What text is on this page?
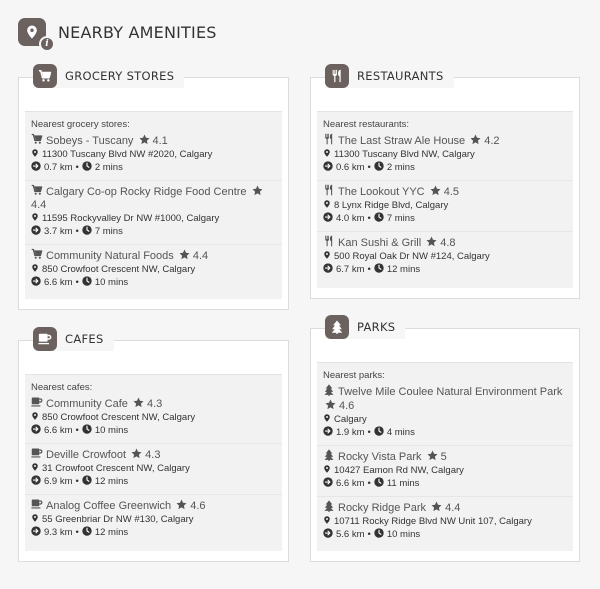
i
NEARBY AMENITIES
GROCERY STORES
Nearest grocery stores:
Sobeys - Tuscany 4.1
11300 Tuscany Blvd NW #2020, Calgary
0.7 km • 2 mins
Calgary Co-op Rocky Ridge Food Centre 4.4
11595 Rockyvalley Dr NW #1000, Calgary
3.7 km • 7 mins
Community Natural Foods 4.4
850 Crowfoot Crescent NW, Calgary
6.6 km • 10 mins
RESTAURANTS
Nearest restaurants:
The Last Straw Ale House 4.2
11300 Tuscany Blvd NW, Calgary
0.6 km • 2 mins
The Lookout YYC 4.5
8 Lynx Ridge Blvd, Calgary
4.0 km • 7 mins
Kan Sushi & Grill 4.8
500 Royal Oak Dr NW #124, Calgary
6.7 km • 12 mins
CAFES
Nearest cafes:
Community Cafe 4.3
850 Crowfoot Crescent NW, Calgary
6.6 km • 10 mins
Deville Crowfoot 4.3
31 Crowfoot Crescent NW, Calgary
6.9 km • 12 mins
Analog Coffee Greenwich 4.6
55 Greenbriar Dr NW #130, Calgary
9.3 km • 12 mins
PARKS
Nearest parks:
Twelve Mile Coulee Natural Environment Park 4.6
Calgary
1.9 km • 4 mins
Rocky Vista Park 5
10427 Eamon Rd NW, Calgary
6.6 km • 11 mins
Rocky Ridge Park 4.4
10711 Rocky Ridge Blvd NW Unit 107, Calgary
5.6 km • 10 mins
